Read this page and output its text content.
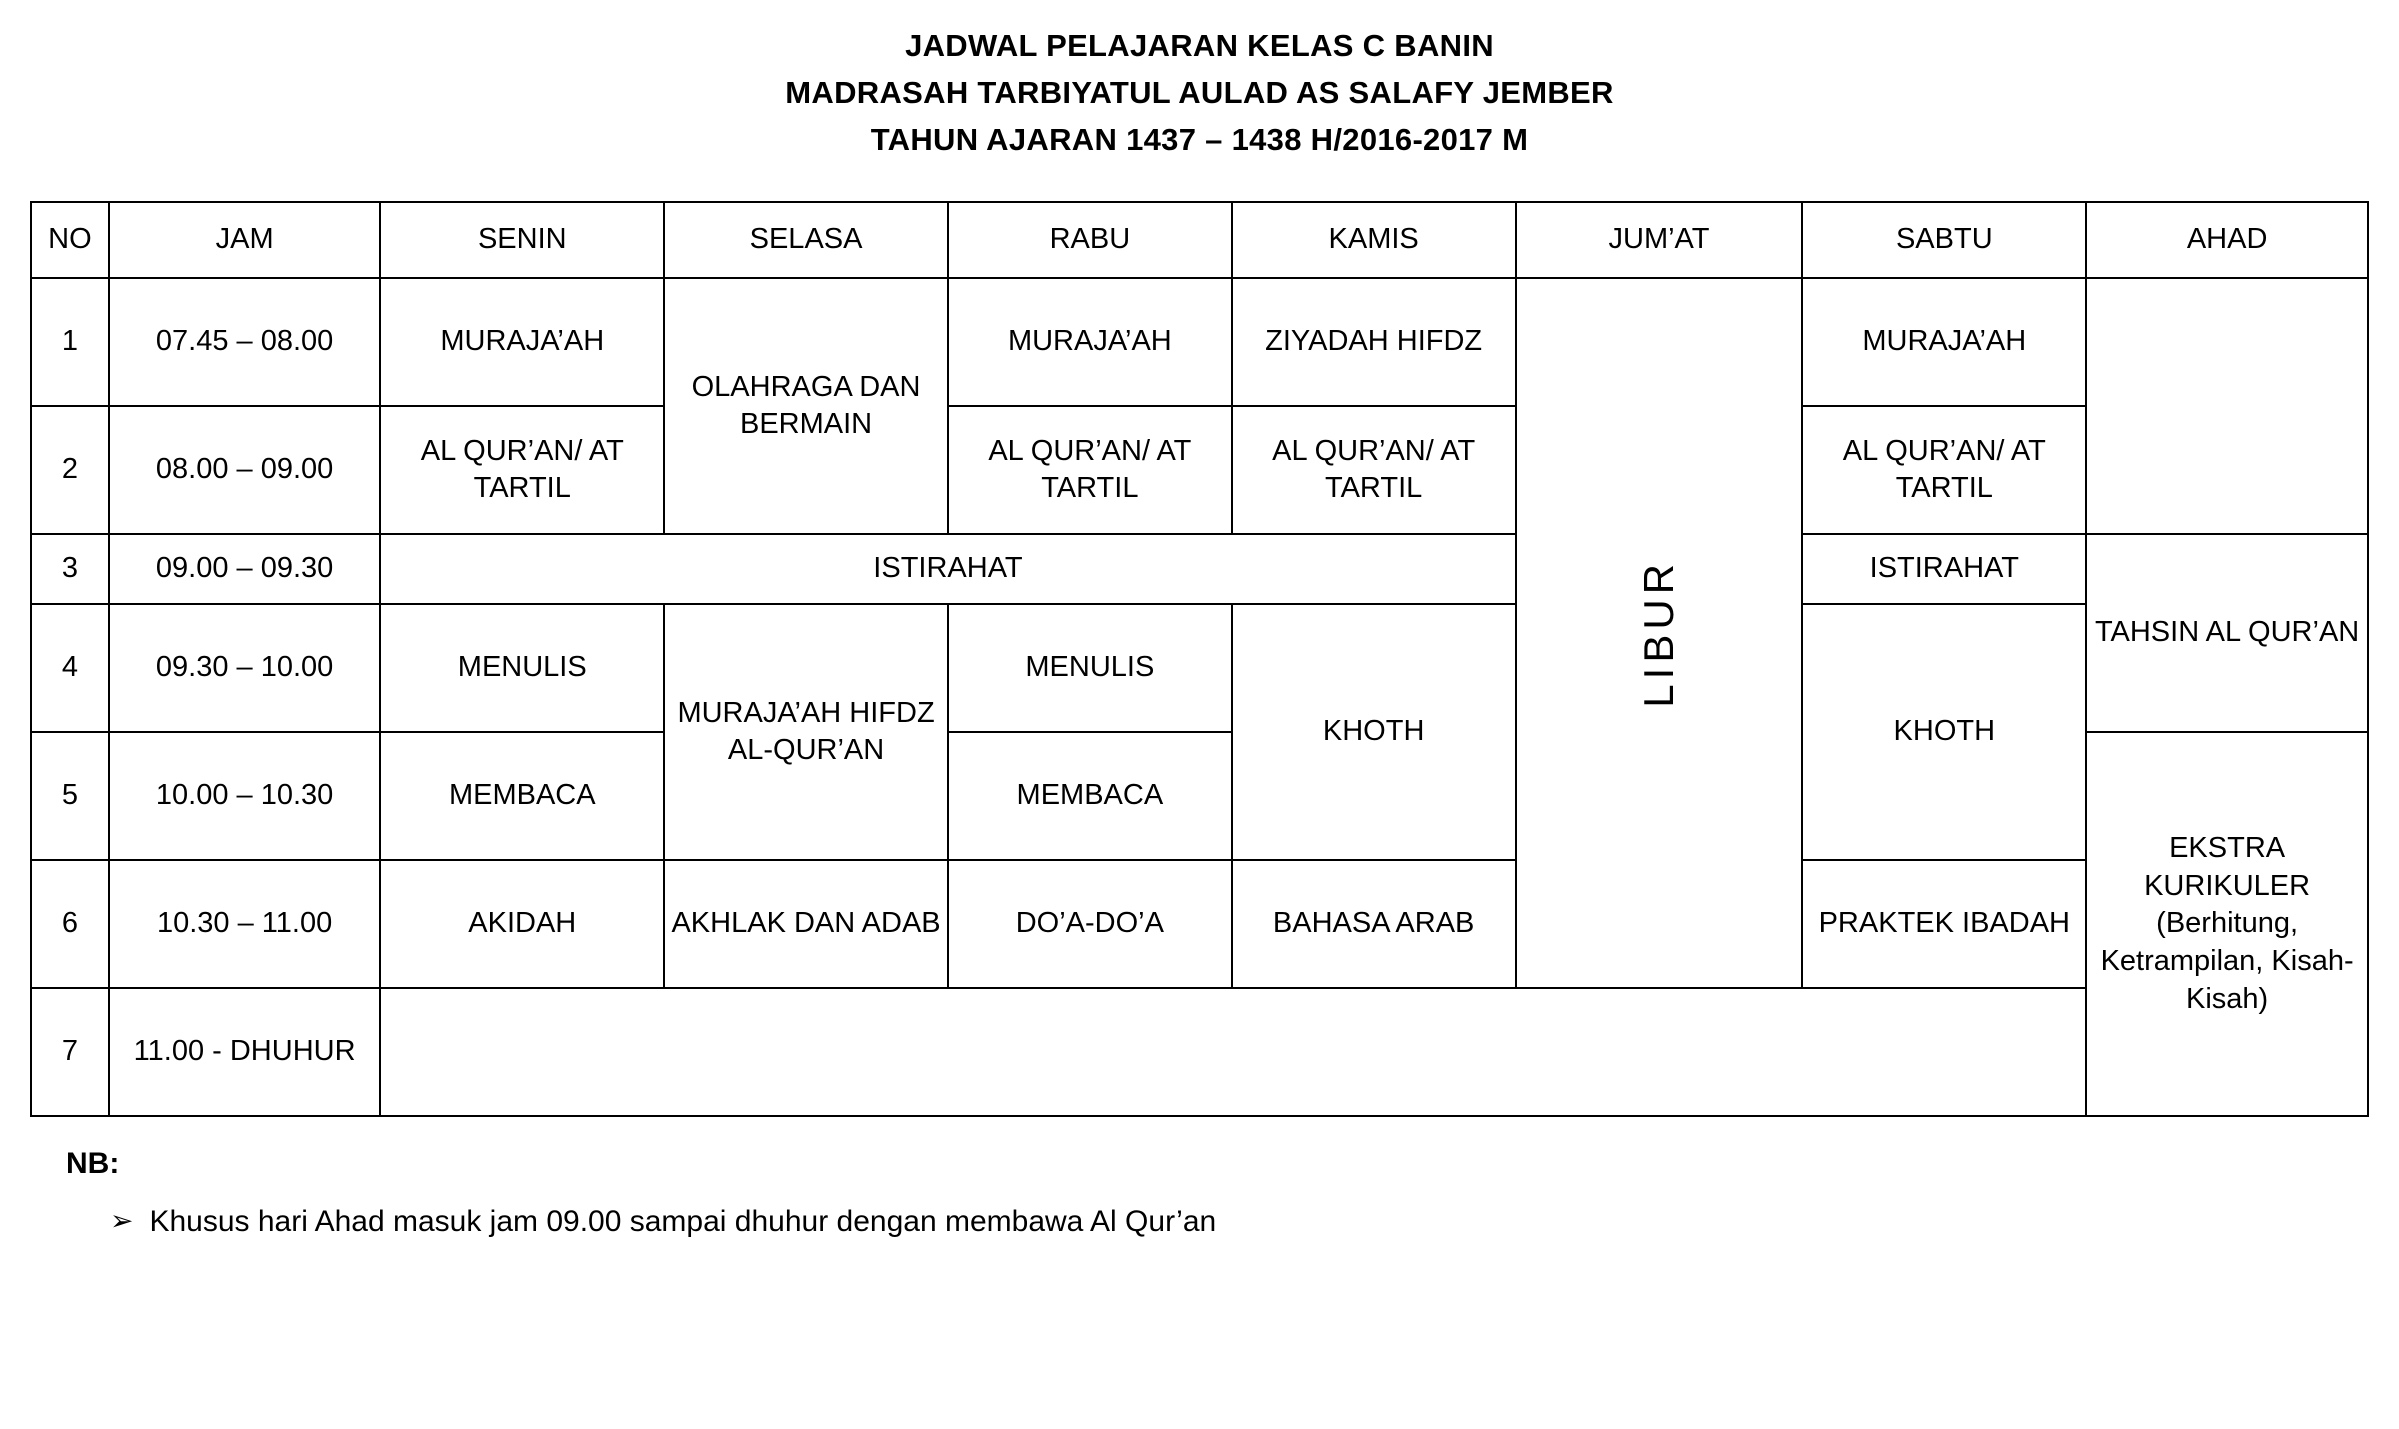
JADWAL PELAJARAN KELAS C BANIN
MADRASAH TARBIYATUL AULAD AS SALAFY JEMBER
TAHUN AJARAN 1437 – 1438 H/2016-2017 M
NO	JAM	SENIN	SELASA	RABU	KAMIS	JUM’AT	SABTU	AHAD
1	07.45 – 08.00	MURAJA’AH	OLAHRAGA DAN BERMAIN	MURAJA’AH	ZIYADAH HIFDZ	LIBUR	MURAJA’AH	
2	08.00 – 09.00	AL QUR’AN/ AT TARTIL		AL QUR’AN/ AT TARTIL	AL QUR’AN/ AT TARTIL		AL QUR’AN/ AT TARTIL	
3	09.00 – 09.30	ISTIRAHAT					ISTIRAHAT	TAHSIN AL QUR’AN
4	09.30 – 10.00	MENULIS	MURAJA’AH HIFDZ AL-QUR’AN	MENULIS	KHOTH		KHOTH	
5	10.00 – 10.30	MEMBACA		MEMBACA				EKSTRA KURIKULER (Berhitung, Ketrampilan, Kisah-Kisah)
6	10.30 – 11.00	AKIDAH	AKHLAK DAN ADAB	DO’A-DO’A	BAHASA ARAB		PRAKTEK IBADAH	
7	11.00 - DHUHUR							
NB:
➢ Khusus hari Ahad masuk jam 09.00 sampai dhuhur dengan membawa Al Qur’an
